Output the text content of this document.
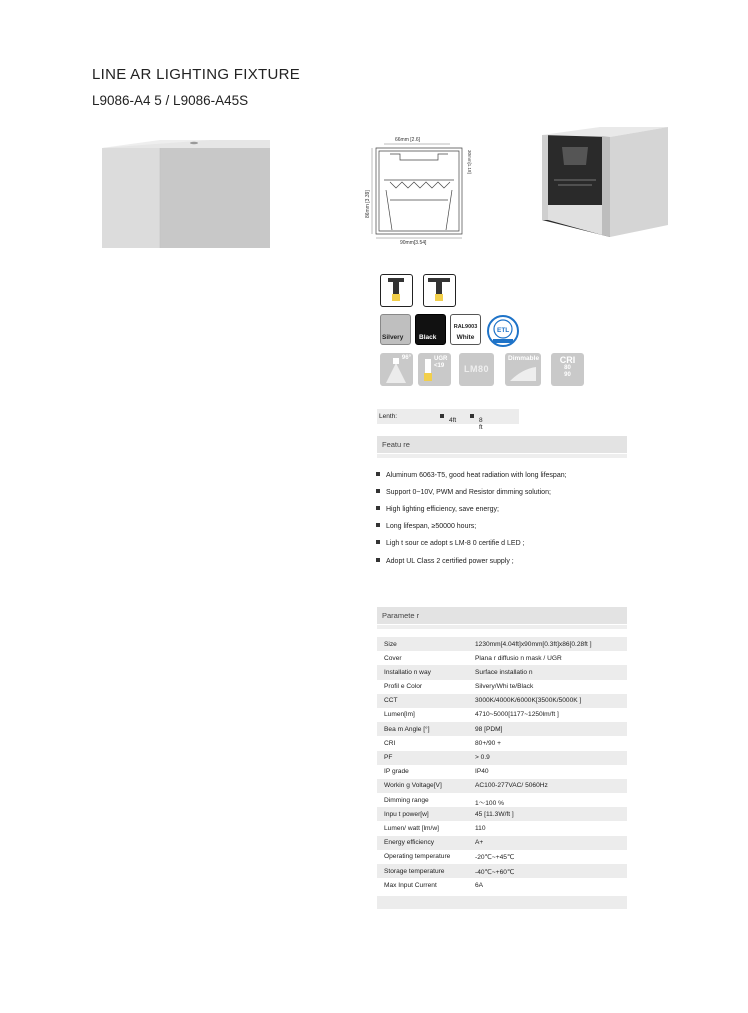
LINE AR LIGHTING FIXTURE
L9086-A4 5 / L9086-A45S
66mm [2.6]
86mm [3.39]
30mm[1.18]
90mm[3.54]
Silvery Black
RAL9003
White
ETL
96°	UGR
<19	LM80
Dimmable	CRI
80
90
Lenth:
4ft	8 ft
Featu re
Aluminum 6063-T5, good heat radiation with long lifespan;
Support 0~10V, PWM and Resistor dimming solution;
High lighting efficiency, save energy;
Long lifespan, ≥50000 hours;
Ligh t sour ce adopt s LM-8 0 certifie d LED ;
Adopt UL Class 2 certified power supply ;
Paramete r
Size	1230mm[4.04ft]x90mm[0.3ft]x86[0.28ft ]
Cover	Plana r diffusio n mask / UGR
Installatio n way	Surface installatio n
Profil e Color	Silvery/Whi te/Black
CCT	3000K/4000K/6000K[3500K/5000K ]
Lumen[lm]	4710~5000[1177~1250lm/ft ]
Bea m Angle [°]	98 [PDM]
CRI	80+/90 +
PF	> 0.9
IP grade	IP40
Workin g Voltage[V]	AC100-277VAC/ 5060Hz
Dimming range	1～100 %
Inpu t power[w]	45 [11.3W/ft ]
Lumen/ watt [lm/w]	110
Energy efficiency	A+
Operating temperature	-20℃~+45℃
Storage temperature	-40℃~+60℃
Max Input Current	6A
